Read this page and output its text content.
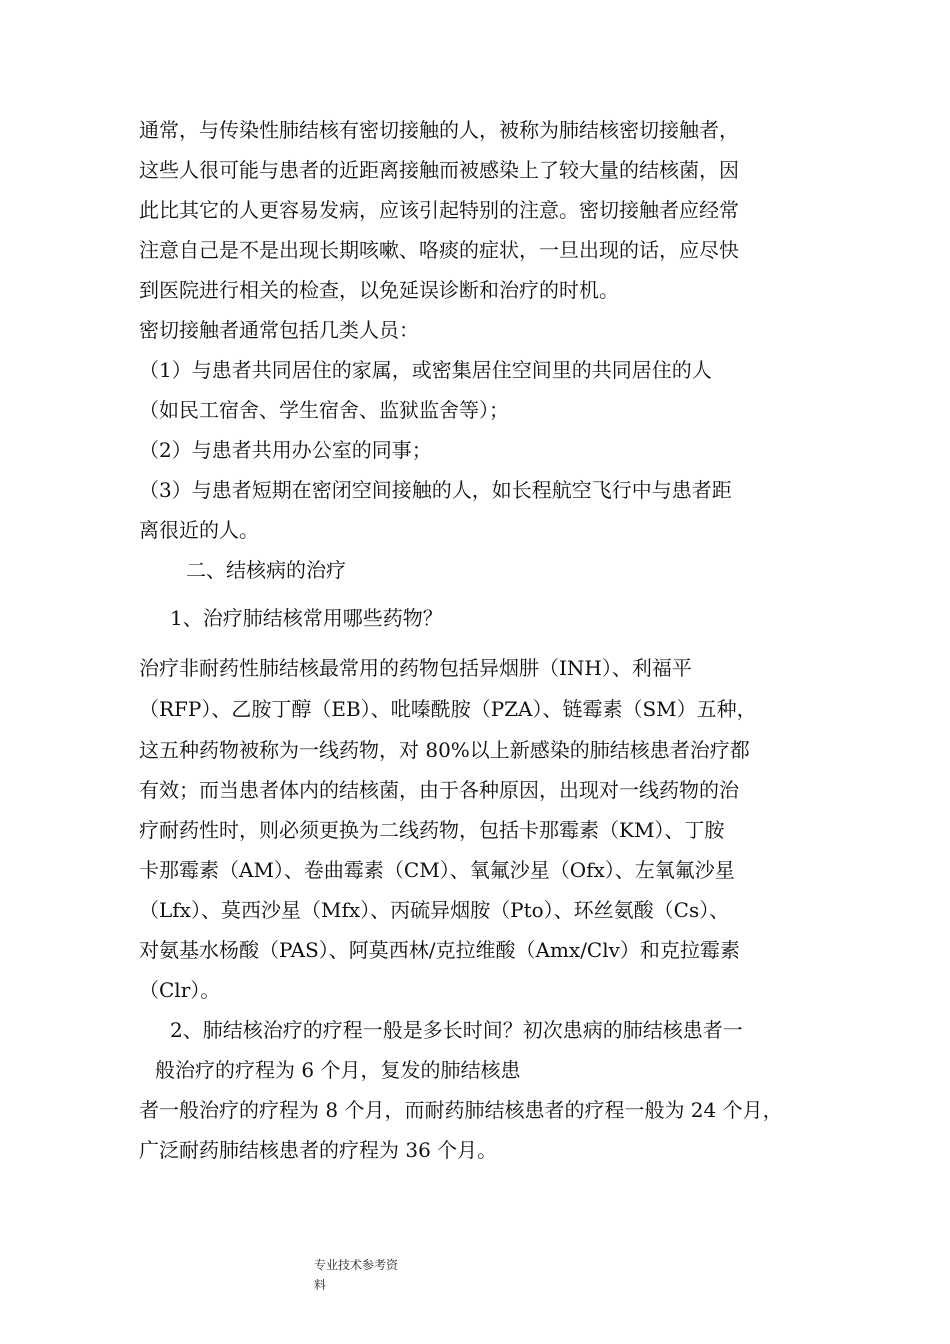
通常，与传染性肺结核有密切接触的人，被称为肺结核密切接触者，

这些人很可能与患者的近距离接触而被感染上了较大量的结核菌，因

此比其它的人更容易发病，应该引起特别的注意。密切接触者应经常

注意自己是不是出现长期咳嗽、咯痰的症状，一旦出现的话，应尽快

到医院进行相关的检查，以免延误诊断和治疗的时机。

密切接触者通常包括几类人员：

（1）与患者共同居住的家属，或密集居住空间里的共同居住的人

（如民工宿舍、学生宿舍、监狱监舍等）；

（2）与患者共用办公室的同事；

（3）与患者短期在密闭空间接触的人，如长程航空飞行中与患者距

离很近的人。

二、结核病的治疗

1、治疗肺结核常用哪些药物？

治疗非耐药性肺结核最常用的药物包括异烟肼（INH）、利福平

（RFP）、乙胺丁醇（EB）、吡嗪酰胺（PZA）、链霉素（SM）五种，

这五种药物被称为一线药物，对 80%以上新感染的肺结核患者治疗都

有效；而当患者体内的结核菌，由于各种原因，出现对一线药物的治

疗耐药性时，则必须更换为二线药物，包括卡那霉素（KM）、丁胺

卡那霉素（AM）、卷曲霉素（CM）、氧氟沙星（Ofx）、左氧氟沙星

（Lfx）、莫西沙星（Mfx）、丙硫异烟胺（Pto）、环丝氨酸（Cs）、

对氨基水杨酸（PAS）、阿莫西林/克拉维酸（Amx/Clv）和克拉霉素

（Clr）。

2、肺结核治疗的疗程一般是多长时间？初次患病的肺结核患者一

般治疗的疗程为 6 个月，复发的肺结核患

者一般治疗的疗程为 8 个月，而耐药肺结核患者的疗程一般为 24 个月，

广泛耐药肺结核患者的疗程为 36 个月。

专业技术参考资
料
